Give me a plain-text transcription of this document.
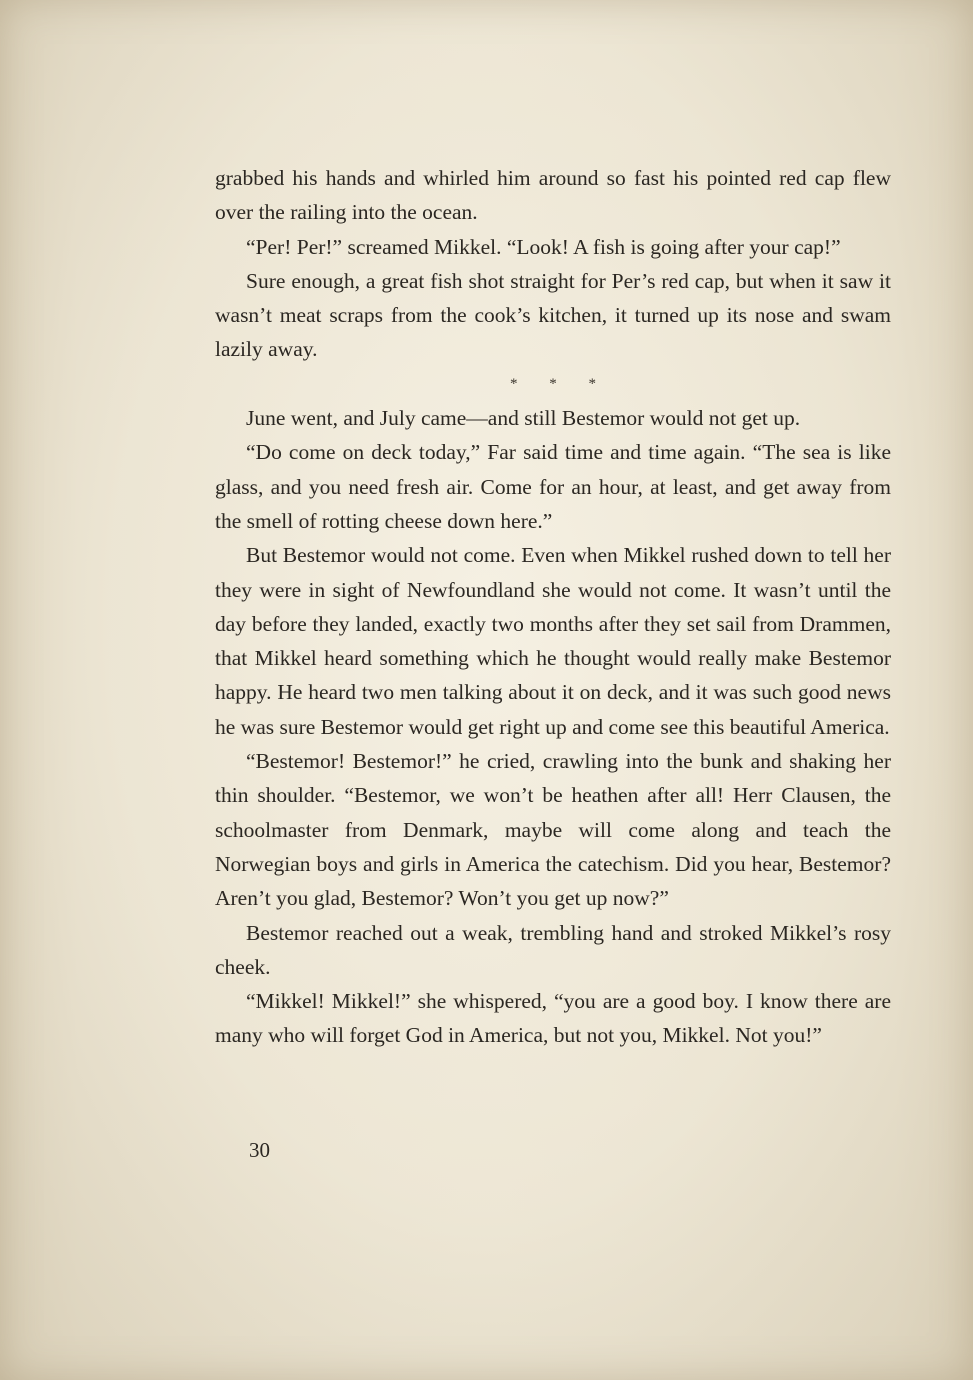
grabbed his hands and whirled him around so fast his pointed red cap flew over the railing into the ocean.

“Per! Per!” screamed Mikkel. “Look! A fish is going after your cap!”

Sure enough, a great fish shot straight for Per’s red cap, but when it saw it wasn’t meat scraps from the cook’s kitchen, it turned up its nose and swam lazily away.

* * *

June went, and July came—and still Bestemor would not get up.

“Do come on deck today,” Far said time and time again. “The sea is like glass, and you need fresh air. Come for an hour, at least, and get away from the smell of rotting cheese down here.”

But Bestemor would not come. Even when Mikkel rushed down to tell her they were in sight of Newfoundland she would not come. It wasn’t until the day before they landed, exactly two months after they set sail from Drammen, that Mikkel heard something which he thought would really make Bestemor happy. He heard two men talking about it on deck, and it was such good news he was sure Bestemor would get right up and come see this beautiful America.

“Bestemor! Bestemor!” he cried, crawling into the bunk and shaking her thin shoulder. “Bestemor, we won’t be heathen after all! Herr Clausen, the schoolmaster from Denmark, maybe will come along and teach the Norwegian boys and girls in America the catechism. Did you hear, Bestemor? Aren’t you glad, Bestemor? Won’t you get up now?”

Bestemor reached out a weak, trembling hand and stroked Mikkel’s rosy cheek.

“Mikkel! Mikkel!” she whispered, “you are a good boy. I know there are many who will forget God in America, but not you, Mikkel. Not you!”

30
